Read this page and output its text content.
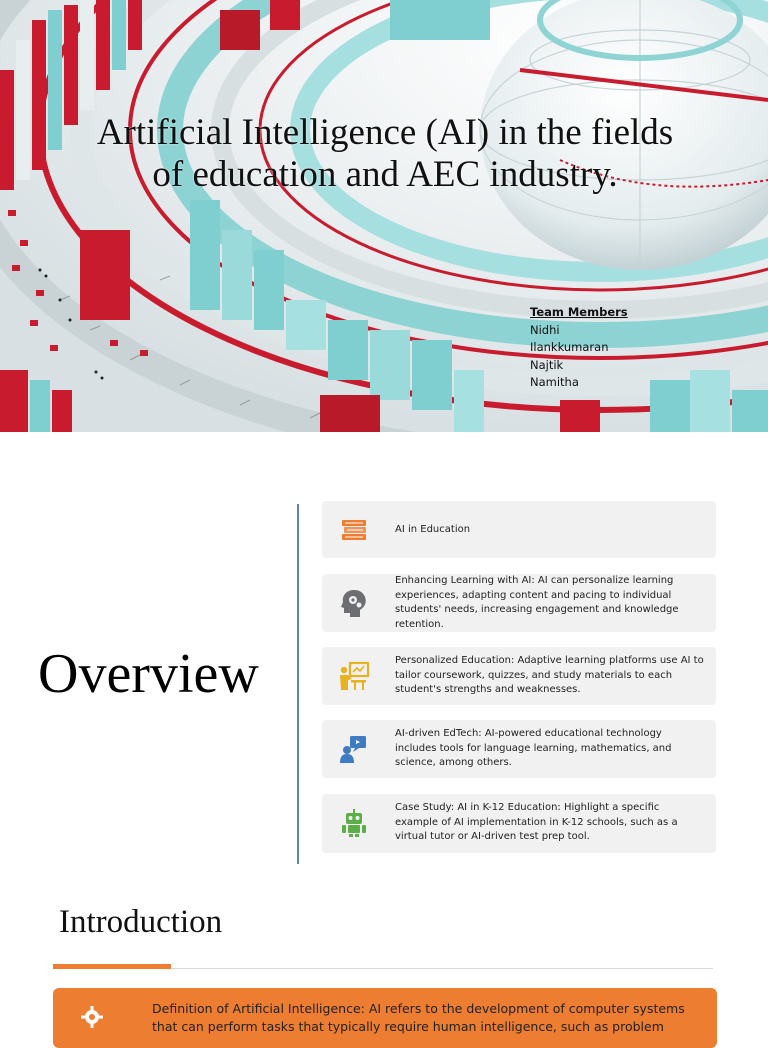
Artificial Intelligence (AI) in the fields of education and AEC industry.
Team Members
Nidhi
Ilankkumaran
Najtik
Namitha
Overview
AI in Education
Enhancing Learning with AI: AI can personalize learning experiences, adapting content and pacing to individual students' needs, increasing engagement and knowledge retention.
Personalized Education: Adaptive learning platforms use AI to tailor coursework, quizzes, and study materials to each student's strengths and weaknesses.
AI-driven EdTech: AI-powered educational technology includes tools for language learning, mathematics, and science, among others.
Case Study: AI in K-12 Education: Highlight a specific example of AI implementation in K-12 schools, such as a virtual tutor or AI-driven test prep tool.
Introduction
Definition of Artificial Intelligence: AI refers to the development of computer systems that can perform tasks that typically require human intelligence, such as problem
